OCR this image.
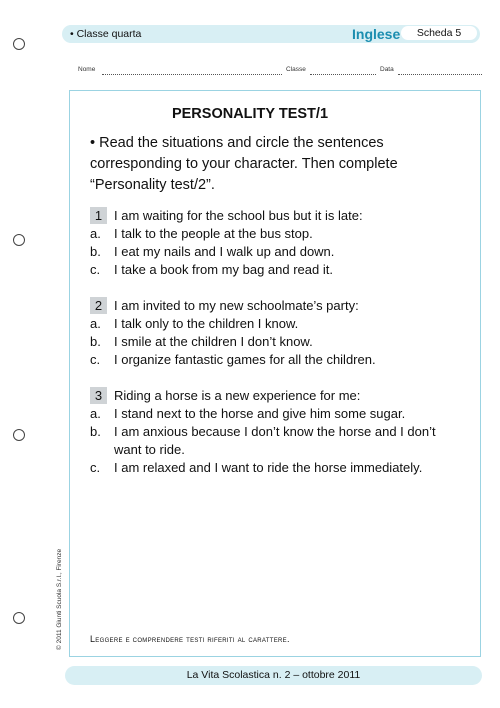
• Classe quarta	Inglese	Scheda 5
Nome	Classe	Data
PERSONALITY TEST/1
• Read the situations and circle the sentences corresponding to your character. Then complete “Personality test/2”.
1 I am waiting for the school bus but it is late:
a.	I talk to the people at the bus stop.
b.	I eat my nails and I walk up and down.
c.	I take a book from my bag and read it.
2 I am invited to my new schoolmate’s party:
a.	I talk only to the children I know.
b.	I smile at the children I don’t know.
c.	I organize fantastic games for all the children.
3 Riding a horse is a new experience for me:
a.	I stand next to the horse and give him some sugar.
b.	I am anxious because I don’t know the horse and I don’t want to ride.
c.	I am relaxed and I want to ride the horse immediately.
Leggere e comprendere testi riferiti al carattere.
© 2011 Giunti Scuola S.r.l., Firenze
La Vita Scolastica n. 2 – ottobre 2011
